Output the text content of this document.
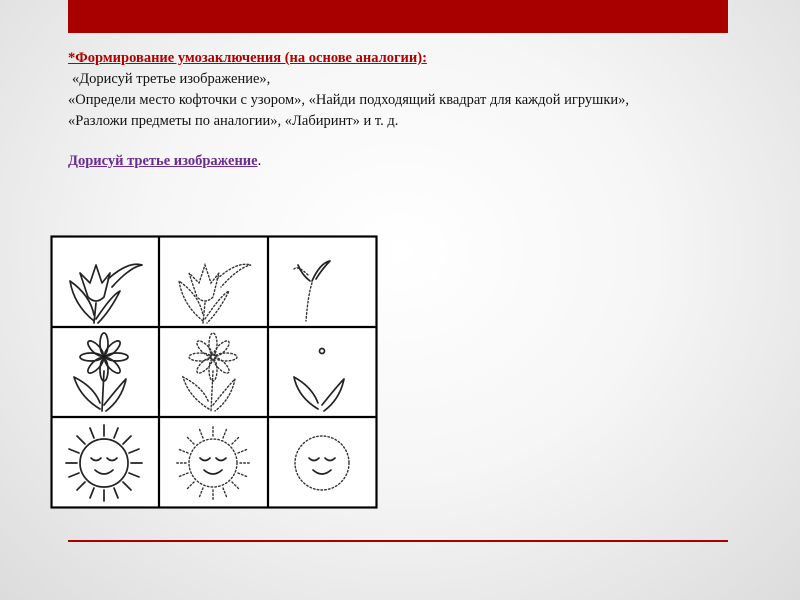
*Формирование умозаключения (на основе аналогии):

«Дорисуй третье изображение»,

«Определи место кофточки с узором», «Найди подходящий квадрат для каждой игрушки»,

«Разложи предметы по аналогии», «Лабиринт» и т. д.

Дорисуй третье изображение.
